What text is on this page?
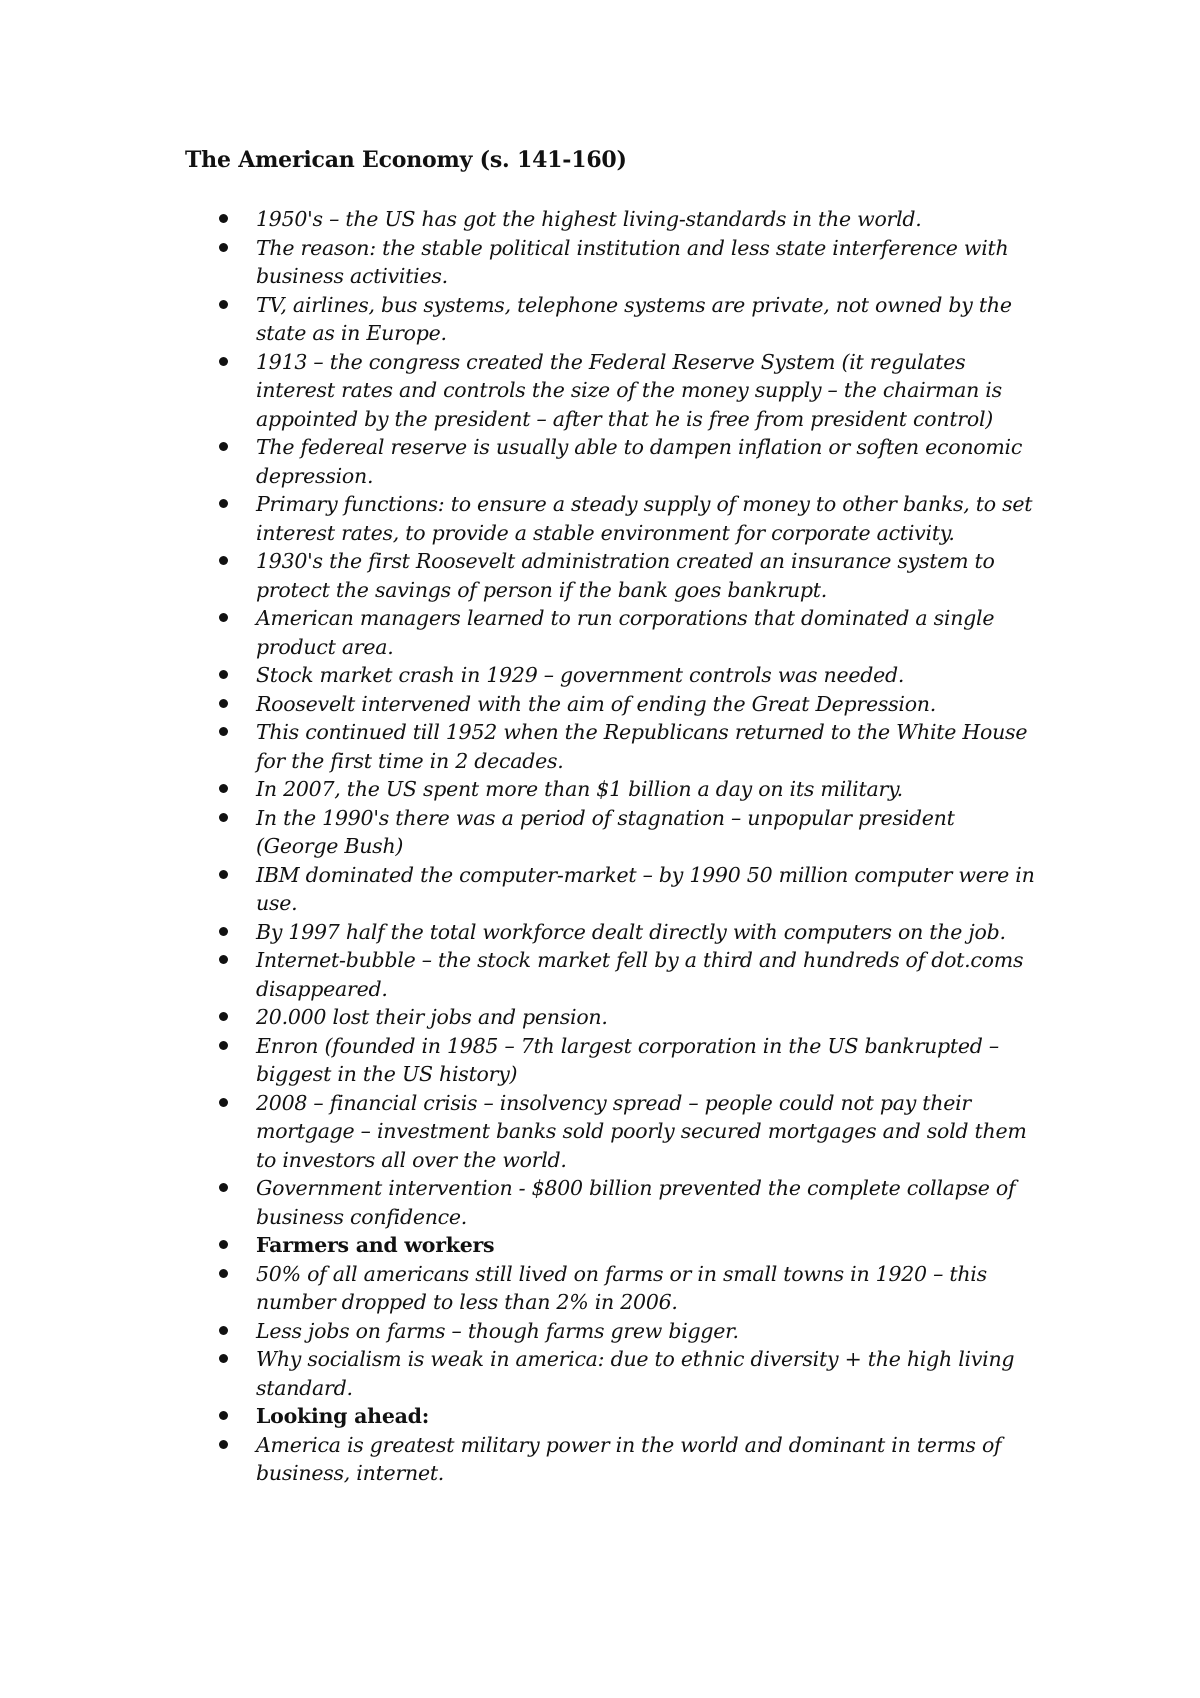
The American Economy (s. 141-160)
1950's – the US has got the highest living-standards in the world.
The reason: the stable political institution and less state interference with business activities.
TV, airlines, bus systems, telephone systems are private, not owned by the state as in Europe.
1913 – the congress created the Federal Reserve System (it regulates interest rates and controls the size of the money supply – the chairman is appointed by the president – after that he is free from president control)
The federeal reserve is usually able to dampen inflation or soften economic depression.
Primary functions: to ensure a steady supply of money to other banks, to set interest rates, to provide a stable environment for corporate activity.
1930's the first Roosevelt administration created an insurance system to protect the savings of person if the bank goes bankrupt.
American managers learned to run corporations that dominated a single product area.
Stock market crash in 1929 – government controls was needed.
Roosevelt intervened with the aim of ending the Great Depression.
This continued till 1952 when the Republicans returned to the White House for the first time in 2 decades.
In 2007, the US spent more than $1 billion a day on its military.
In the 1990's there was a period of stagnation – unpopular president (George Bush)
IBM dominated the computer-market – by 1990 50 million computer were in use.
By 1997 half the total workforce dealt directly with computers on the job.
Internet-bubble – the stock market fell by a third and hundreds of dot.coms disappeared.
20.000 lost their jobs and pension.
Enron (founded in 1985 – 7th largest corporation in the US bankrupted – biggest in the US history)
2008 – financial crisis – insolvency spread – people could not pay their mortgage – investment banks sold poorly secured mortgages and sold them to investors all over the world.
Government intervention - $800 billion prevented the complete collapse of business confidence.
Farmers and workers
50% of all americans still lived on farms or in small towns in 1920 – this number dropped to less than 2% in 2006.
Less jobs on farms – though farms grew bigger.
Why socialism is weak in america: due to ethnic diversity + the high living standard.
Looking ahead:
America is greatest military power in the world and dominant in terms of business, internet.
